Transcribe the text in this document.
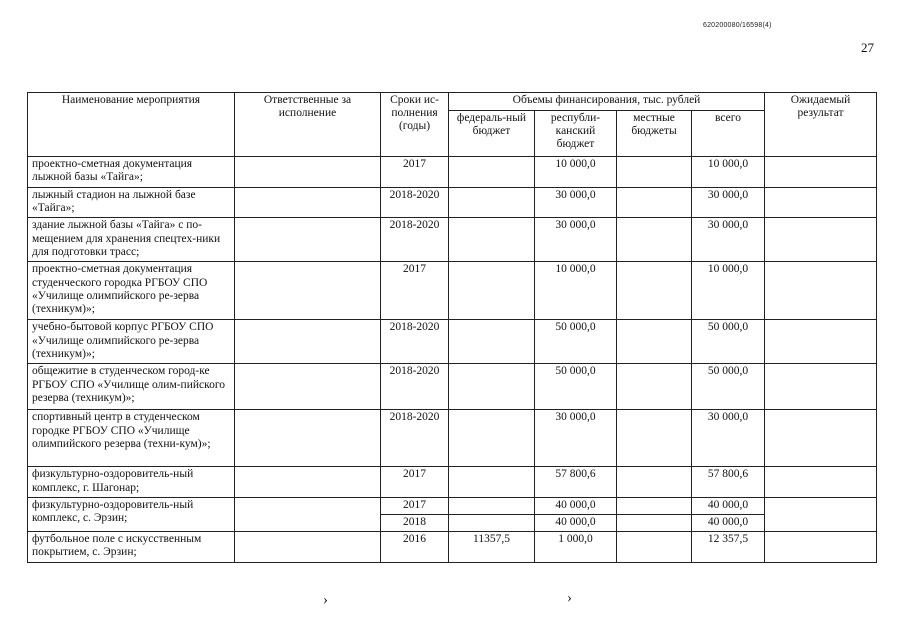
620200080/16598(4)
27
Наименование мероприятия	Ответственные за исполнение	Сроки ис-полнения (годы)	Объемы финансирования, тыс. рублей				Ожидаемый результат
			федераль-ный бюджет	республи-канский бюджет	местные бюджеты	всего	
проектно-сметная документация лыжной базы «Тайга»;		2017		10 000,0		10 000,0	
лыжный стадион на лыжной базе «Тайга»;		2018-2020		30 000,0		30 000,0	
здание лыжной базы «Тайга» с по-мещением для хранения спецтех-ники для подготовки трасс;		2018-2020		30 000,0		30 000,0	
проектно-сметная документация студенческого городка РГБОУ СПО «Училище олимпийского ре-зерва (техникум)»;		2017		10 000,0		10 000,0	
учебно-бытовой корпус РГБОУ СПО «Училище олимпийского ре-зерва (техникум)»;		2018-2020		50 000,0		50 000,0	
общежитие в студенческом город-ке РГБОУ СПО «Училище олим-пийского резерва (техникум)»;		2018-2020		50 000,0		50 000,0	
спортивный центр в студенческом городке РГБОУ СПО «Училище олимпийского резерва (техни-кум)»;		2018-2020		30 000,0		30 000,0	
физкультурно-оздоровитель-ный комплекс, г. Шагонар;		2017		57 800,6		57 800,6	
физкультурно-оздоровитель-ный комплекс, с. Эрзин;		2017		40 000,0		40 000,0	
		2018		40 000,0		40 000,0	
футбольное поле с искусственным покрытием, с. Эрзин;		2016	11357,5	1 000,0		12 357,5	
›	›
